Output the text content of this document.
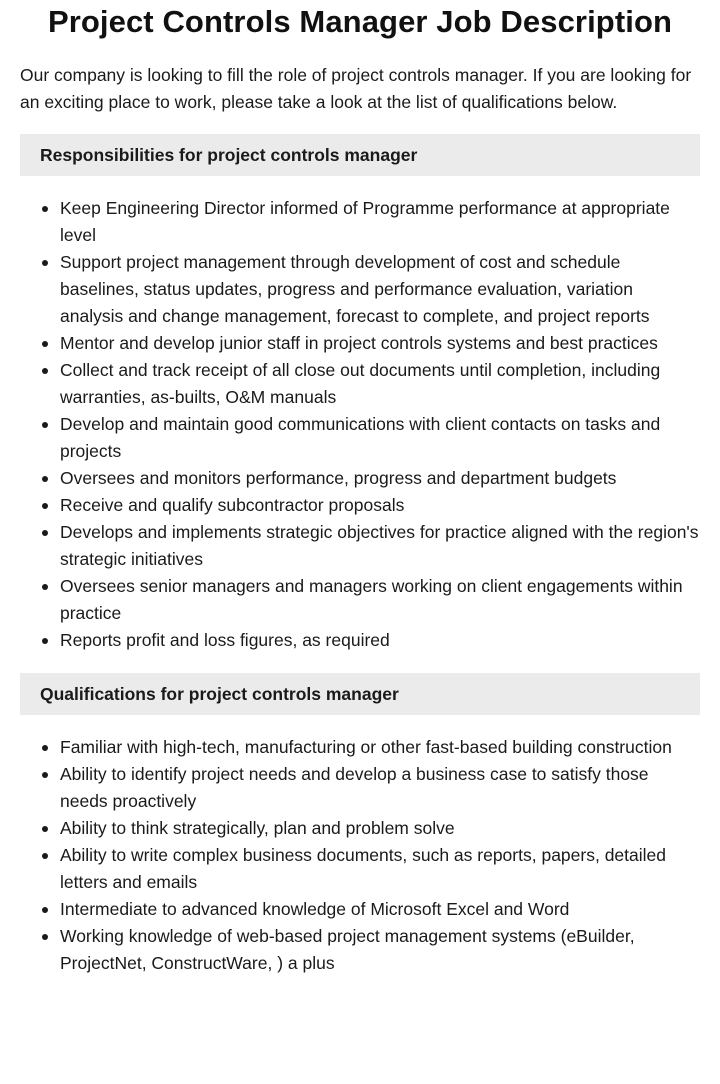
Project Controls Manager Job Description

Our company is looking to fill the role of project controls manager. If you are looking for an exciting place to work, please take a look at the list of qualifications below.

Responsibilities for project controls manager
Keep Engineering Director informed of Programme performance at appropriate level
Support project management through development of cost and schedule baselines, status updates, progress and performance evaluation, variation analysis and change management, forecast to complete, and project reports
Mentor and develop junior staff in project controls systems and best practices
Collect and track receipt of all close out documents until completion, including warranties, as-builts, O&M manuals
Develop and maintain good communications with client contacts on tasks and projects
Oversees and monitors performance, progress and department budgets
Receive and qualify subcontractor proposals
Develops and implements strategic objectives for practice aligned with the region's strategic initiatives
Oversees senior managers and managers working on client engagements within practice
Reports profit and loss figures, as required
Qualifications for project controls manager
Familiar with high-tech, manufacturing or other fast-based building construction
Ability to identify project needs and develop a business case to satisfy those needs proactively
Ability to think strategically, plan and problem solve
Ability to write complex business documents, such as reports, papers, detailed letters and emails
Intermediate to advanced knowledge of Microsoft Excel and Word
Working knowledge of web-based project management systems (eBuilder, ProjectNet, ConstructWare, ) a plus
